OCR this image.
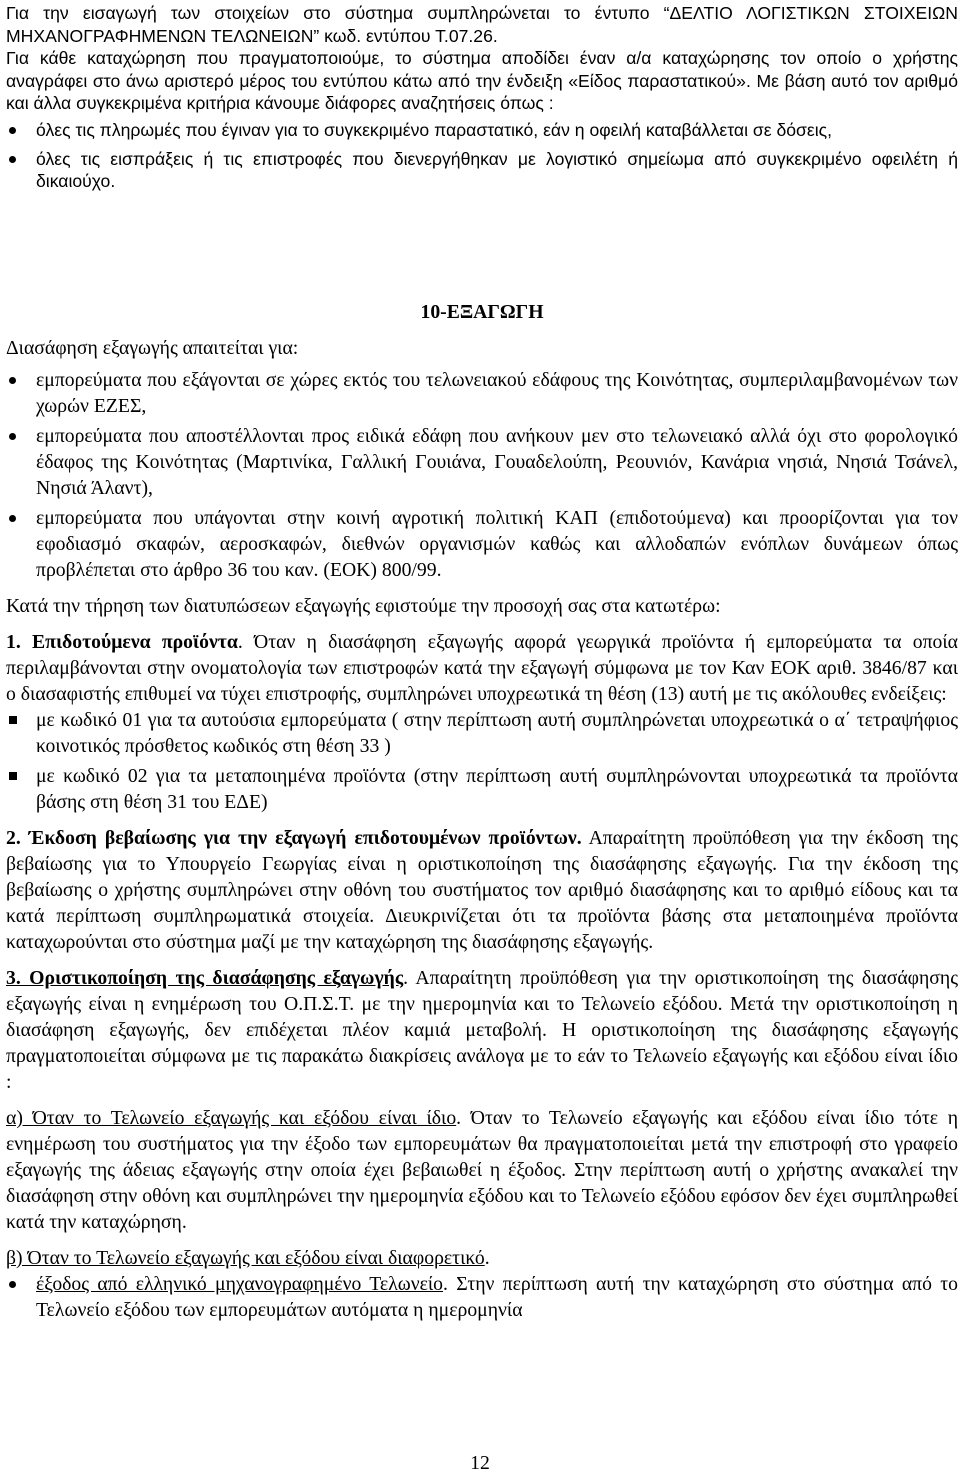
Για την εισαγωγή των στοιχείων στο σύστημα συμπληρώνεται το έντυπο “ΔΕΛΤΙΟ ΛΟΓΙΣΤΙΚΩΝ ΣΤΟΙΧΕΙΩΝ ΜΗΧΑΝΟΓΡΑΦΗΜΕΝΩΝ ΤΕΛΩΝΕΙΩΝ” κωδ. εντύπου Τ.07.26.

Για κάθε καταχώρηση που πραγματοποιούμε, το σύστημα αποδίδει έναν α/α καταχώρησης τον οποίο ο χρήστης αναγράφει στο άνω αριστερό μέρος του εντύπου κάτω από την ένδειξη «Είδος παραστατικού». Με βάση αυτό τον αριθμό και άλλα συγκεκριμένα κριτήρια κάνουμε διάφορες αναζητήσεις όπως :

όλες τις πληρωμές που έγιναν για το συγκεκριμένο παραστατικό, εάν η οφειλή καταβάλλεται σε δόσεις,
όλες τις εισπράξεις ή τις επιστροφές που διενεργήθηκαν με λογιστικό σημείωμα από συγκεκριμένο οφειλέτη ή δικαιούχο.

10-ΕΞΑΓΩΓΗ

Διασάφηση εξαγωγής απαιτείται για:

εμπορεύματα που εξάγονται σε χώρες εκτός του τελωνειακού εδάφους της Κοινότητας, συμπεριλαμβανομένων των χωρών ΕΖΕΣ,
εμπορεύματα που αποστέλλονται προς ειδικά εδάφη που ανήκουν μεν στο τελωνειακό αλλά όχι στο φορολογικό έδαφος της Κοινότητας (Μαρτινίκα, Γαλλική Γουιάνα, Γουαδελούπη, Ρεουνιόν, Κανάρια νησιά, Νησιά Τσάνελ, Νησιά Άλαντ),
εμπορεύματα που υπάγονται στην κοινή αγροτική πολιτική ΚΑΠ (επιδοτούμενα) και προορίζονται για τον εφοδιασμό σκαφών, αεροσκαφών, διεθνών οργανισμών καθώς και αλλοδαπών ενόπλων δυνάμεων όπως προβλέπεται στο άρθρο 36 του καν. (ΕΟΚ) 800/99.

Κατά την τήρηση των διατυπώσεων εξαγωγής εφιστούμε την προσοχή σας στα κατωτέρω:

1. Επιδοτούμενα προϊόντα. Όταν η διασάφηση εξαγωγής αφορά γεωργικά προϊόντα ή εμπορεύματα τα οποία περιλαμβάνονται στην ονοματολογία των επιστροφών κατά την εξαγωγή σύμφωνα με τον Καν ΕΟΚ αριθ. 3846/87 και ο διασαφιστής επιθυμεί να τύχει επιστροφής, συμπληρώνει υποχρεωτικά τη θέση (13) αυτή με τις ακόλουθες ενδείξεις:

με κωδικό 01 για τα αυτούσια εμπορεύματα ( στην περίπτωση αυτή συμπληρώνεται υποχρεωτικά ο α΄ τετραψήφιος κοινοτικός πρόσθετος κωδικός στη θέση 33 )
με κωδικό 02 για τα μεταποιημένα προϊόντα (στην περίπτωση αυτή συμπληρώνονται υποχρεωτικά τα προϊόντα βάσης στη θέση 31 του ΕΔΕ)

2. Έκδοση βεβαίωσης για την εξαγωγή επιδοτουμένων προϊόντων. Απαραίτητη προϋπόθεση για την έκδοση της βεβαίωσης για το Υπουργείο Γεωργίας είναι η οριστικοποίηση της διασάφησης εξαγωγής. Για την έκδοση της βεβαίωσης ο χρήστης συμπληρώνει στην οθόνη του συστήματος τον αριθμό διασάφησης και το αριθμό είδους και τα κατά περίπτωση συμπληρωματικά στοιχεία. Διευκρινίζεται ότι τα προϊόντα βάσης στα μεταποιημένα προϊόντα καταχωρούνται στο σύστημα μαζί με την καταχώρηση της διασάφησης εξαγωγής.

3. Οριστικοποίηση της διασάφησης εξαγωγής. Απαραίτητη προϋπόθεση για την οριστικοποίηση της διασάφησης εξαγωγής είναι η ενημέρωση του Ο.Π.Σ.Τ. με την ημερομηνία και το Τελωνείο εξόδου. Μετά την οριστικοποίηση η διασάφηση εξαγωγής, δεν επιδέχεται πλέον καμιά μεταβολή. Η οριστικοποίηση της διασάφησης εξαγωγής πραγματοποιείται σύμφωνα με τις παρακάτω διακρίσεις ανάλογα με το εάν το Τελωνείο εξαγωγής και εξόδου είναι ίδιο :

α) Όταν το Τελωνείο εξαγωγής και εξόδου είναι ίδιο. Όταν το Τελωνείο εξαγωγής και εξόδου είναι ίδιο τότε η ενημέρωση του συστήματος για την έξοδο των εμπορευμάτων θα πραγματοποιείται μετά την επιστροφή στο γραφείο εξαγωγής της άδειας εξαγωγής στην οποία έχει βεβαιωθεί η έξοδος. Στην περίπτωση αυτή ο χρήστης ανακαλεί την διασάφηση στην οθόνη και συμπληρώνει την ημερομηνία εξόδου και το Τελωνείο εξόδου εφόσον δεν έχει συμπληρωθεί κατά την καταχώρηση.

β) Όταν το Τελωνείο εξαγωγής και εξόδου είναι διαφορετικό.

έξοδος από ελληνικό μηχανογραφημένο Τελωνείο. Στην περίπτωση αυτή την καταχώρηση στο σύστημα από το Τελωνείο εξόδου των εμπορευμάτων αυτόματα η ημερομηνία
12
